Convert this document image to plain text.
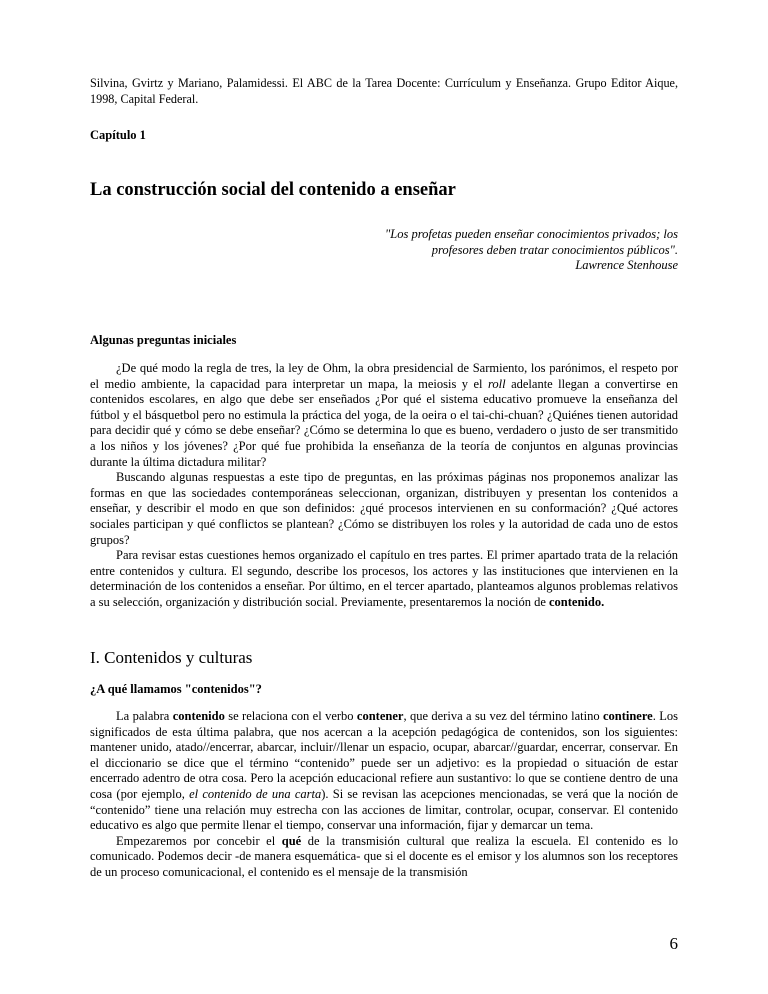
Silvina, Gvirtz y Mariano, Palamidessi. El ABC de la Tarea Docente: Currículum y Enseñanza. Grupo Editor Aique, 1998, Capital Federal.
Capítulo 1
La construcción social del contenido a enseñar
"Los profetas pueden enseñar conocimientos privados; los
profesores deben tratar conocimientos públicos".
Lawrence Stenhouse
Algunas preguntas iniciales

¿De qué modo la regla de tres, la ley de Ohm, la obra presidencial de Sarmiento, los parónimos, el respeto por el medio ambiente, la capacidad para interpretar un mapa, la meiosis y el roll adelante llegan a convertirse en contenidos escolares, en algo que debe ser enseñados ¿Por qué el sistema educativo promueve la enseñanza del fútbol y el básquetbol pero no estimula la práctica del yoga, de la oeira o el tai-chi-chuan? ¿Quiénes tienen autoridad para decidir qué y cómo se debe enseñar? ¿Cómo se determina lo que es bueno, verdadero o justo de ser transmitido a los niños y los jóvenes? ¿Por qué fue prohibida la enseñanza de la teoría de conjuntos en algunas provincias durante la última dictadura militar?

Buscando algunas respuestas a este tipo de preguntas, en las próximas páginas nos proponemos analizar las formas en que las sociedades contemporáneas seleccionan, organizan, distribuyen y presentan los contenidos a enseñar, y describir el modo en que son definidos: ¿qué procesos intervienen en su conformación? ¿Qué actores sociales participan y qué conflictos se plantean? ¿Cómo se distribuyen los roles y la autoridad de cada uno de estos grupos?

Para revisar estas cuestiones hemos organizado el capítulo en tres partes. El primer apartado trata de la relación entre contenidos y cultura. El segundo, describe los procesos, los actores y las instituciones que intervienen en la determinación de los contenidos a enseñar. Por último, en el tercer apartado, planteamos algunos problemas relativos a su selección, organización y distribución social. Previamente, presentaremos la noción de contenido.

I. Contenidos y culturas
¿A qué llamamos "contenidos"?

La palabra contenido se relaciona con el verbo contener, que deriva a su vez del término latino continere. Los significados de esta última palabra, que nos acercan a la acepción pedagógica de contenidos, son los siguientes: mantener unido, atado//encerrar, abarcar, incluir//llenar un espacio, ocupar, abarcar//guardar, encerrar, conservar. En el diccionario se dice que el término “contenido” puede ser un adjetivo: es la propiedad o situación de estar encerrado adentro de otra cosa. Pero la acepción educacional refiere aun sustantivo: lo que se contiene dentro de una cosa (por ejemplo, el contenido de una carta). Si se revisan las acepciones mencionadas, se verá que la noción de “contenido” tiene una relación muy estrecha con las acciones de limitar, controlar, ocupar, conservar. El contenido educativo es algo que permite llenar el tiempo, conservar una información, fijar y demarcar un tema.

Empezaremos por concebir el qué de la transmisión cultural que realiza la escuela. El contenido es lo comunicado. Podemos decir -de manera esquemática- que si el docente es el emisor y los alumnos son los receptores de un proceso comunicacional, el contenido es el mensaje de la transmisión

6
